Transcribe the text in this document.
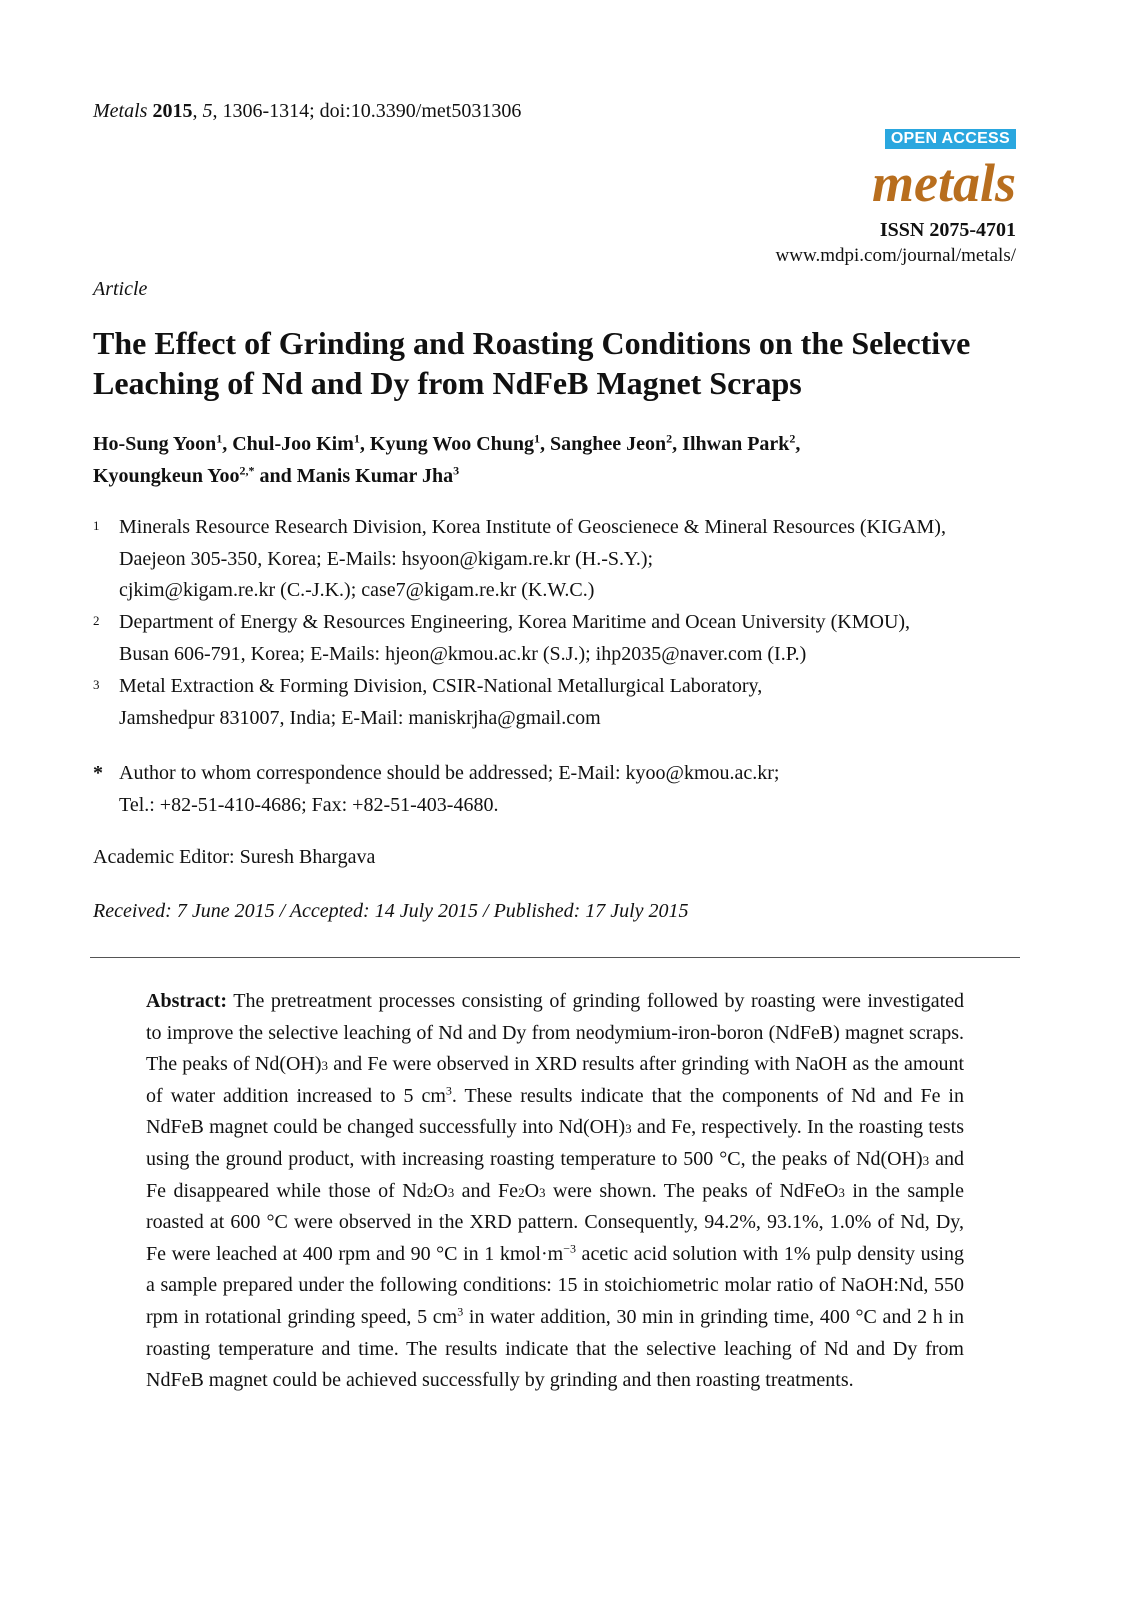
Metals 2015, 5, 1306-1314; doi:10.3390/met5031306
OPEN ACCESS
metals
ISSN 2075-4701
www.mdpi.com/journal/metals/
Article
The Effect of Grinding and Roasting Conditions on the Selective Leaching of Nd and Dy from NdFeB Magnet Scraps
Ho-Sung Yoon$^1$, Chul-Joo Kim$^1$, Kyung Woo Chung$^1$, Sanghee Jeon$^2$, Ilhwan Park$^2$,
Kyoungkeun Yoo$^{2,*}$ and Manis Kumar Jha$^3$
1 Minerals Resource Research Division, Korea Institute of Geoscienece & Mineral Resources (KIGAM),
Daejeon 305-350, Korea; E-Mails: hsyoon@kigam.re.kr (H.-S.Y.);
cjkim@kigam.re.kr (C.-J.K.); case7@kigam.re.kr (K.W.C.)
2 Department of Energy & Resources Engineering, Korea Maritime and Ocean University (KMOU),
Busan 606-791, Korea; E-Mails: hjeon@kmou.ac.kr (S.J.); ihp2035@naver.com (I.P.)
3 Metal Extraction & Forming Division, CSIR-National Metallurgical Laboratory,
Jamshedpur 831007, India; E-Mail: maniskrjha@gmail.com
* Author to whom correspondence should be addressed; E-Mail: kyoo@kmou.ac.kr;
Tel.: +82-51-410-4686; Fax: +82-51-403-4680.
Academic Editor: Suresh Bhargava
Received: 7 June 2015 / Accepted: 14 July 2015 / Published: 17 July 2015
Abstract: The pretreatment processes consisting of grinding followed by roasting were investigated to improve the selective leaching of Nd and Dy from neodymium-iron-boron (NdFeB) magnet scraps. The peaks of Nd(OH)3 and Fe were observed in XRD results after grinding with NaOH as the amount of water addition increased to 5 $cm^3$. These results indicate that the components of Nd and Fe in NdFeB magnet could be changed successfully into Nd(OH)3 and Fe, respectively. In the roasting tests using the ground product, with increasing roasting temperature to 500 °C, the peaks of Nd(OH)3 and Fe disappeared while those of Nd2O3 and Fe2O3 were shown. The peaks of NdFeO3 in the sample roasted at 600 °C were observed in the XRD pattern. Consequently, 94.2%, 93.1%, 1.0% of Nd, Dy, Fe were leached at 400 rpm and 90 °C in 1 $kmol\cdot m^{-3}$ acetic acid solution with 1% pulp density using a sample prepared under the following conditions: 15 in stoichiometric molar ratio of NaOH:Nd, 550 rpm in rotational grinding speed, 5 $cm^3$ in water addition, 30 min in grinding time, 400 °C and 2 h in roasting temperature and time. The results indicate that the selective leaching of Nd and Dy from NdFeB magnet could be achieved successfully by grinding and then roasting treatments.
